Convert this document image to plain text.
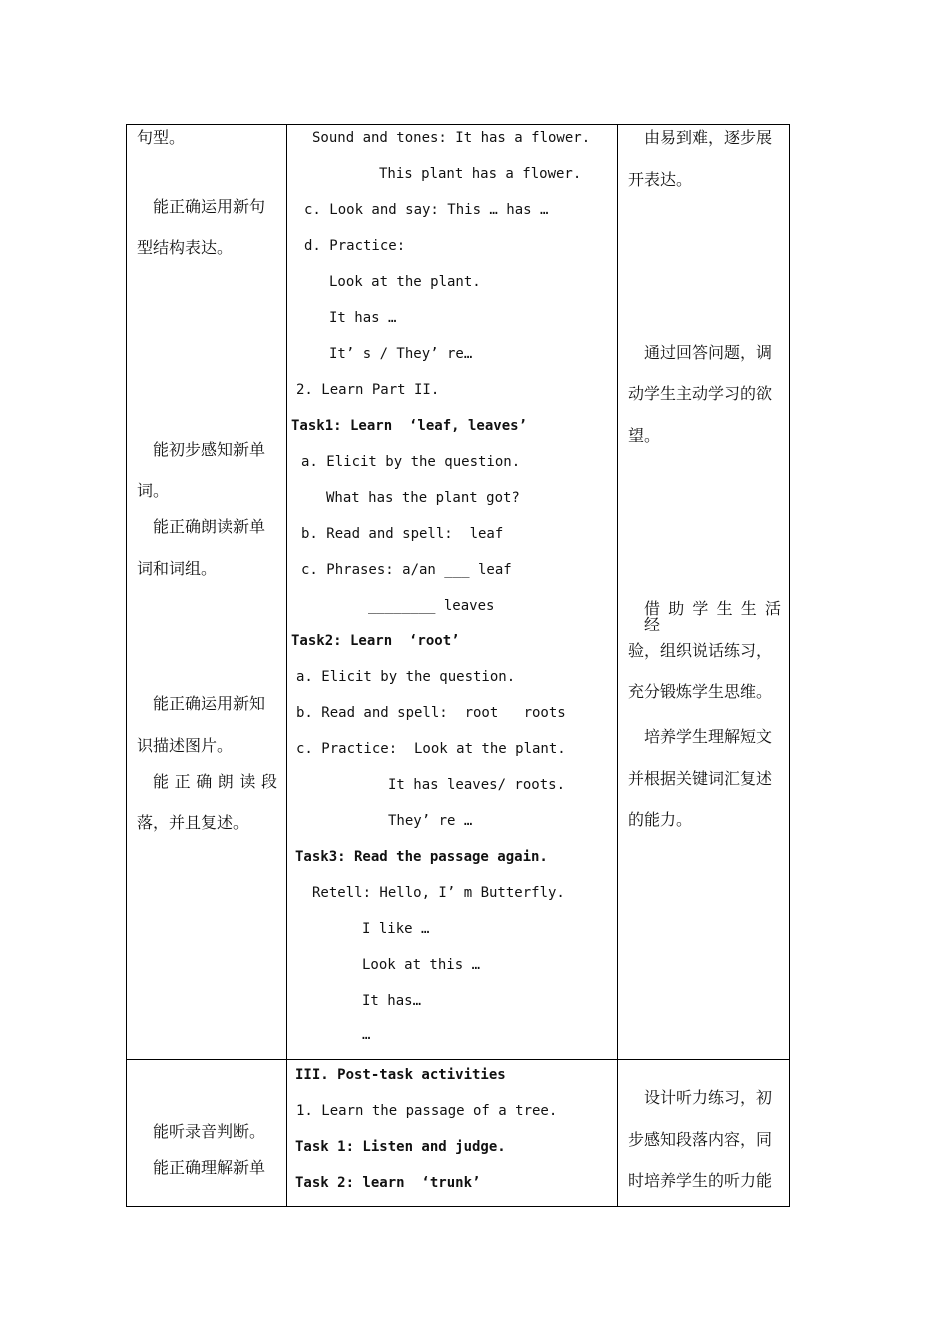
句型。
能正确运用新句
型结构表达。
能初步感知新单
词。
能正确朗读新单
词和词组。
能正确运用新知
识描述图片。
能 正 确 朗 读 段
落，并且复述。
Sound and tones: It has a flower.
This plant has a flower.
c. Look and say: This … has …
d. Practice:
Look at the plant.
It has …
It’ s / They’ re…
2. Learn Part II.
Task1: Learn  ‘leaf, leaves’
a. Elicit by the question.
What has the plant got?
b. Read and spell:  leaf
c. Phrases: a/an ___ leaf
________ leaves
Task2: Learn  ‘root’
a. Elicit by the question.
b. Read and spell:  root   roots
c. Practice:  Look at the plant.
It has leaves/ roots.
They’ re …
Task3: Read the passage again.
Retell: Hello, I’ m Butterfly.
I like …
Look at this …
It has…
…
由易到难，逐步展
开表达。
通过回答问题，调
动学生主动学习的欲
望。
借 助 学 生 生 活 经
验，组织说话练习，
充分锻炼学生思维。
培养学生理解短文
并根据关键词汇复述
的能力。
能听录音判断。
能正确理解新单
III. Post-task activities
1. Learn the passage of a tree.
Task 1: Listen and judge.
Task 2: learn  ‘trunk’
设计听力练习，初
步感知段落内容，同
时培养学生的听力能
